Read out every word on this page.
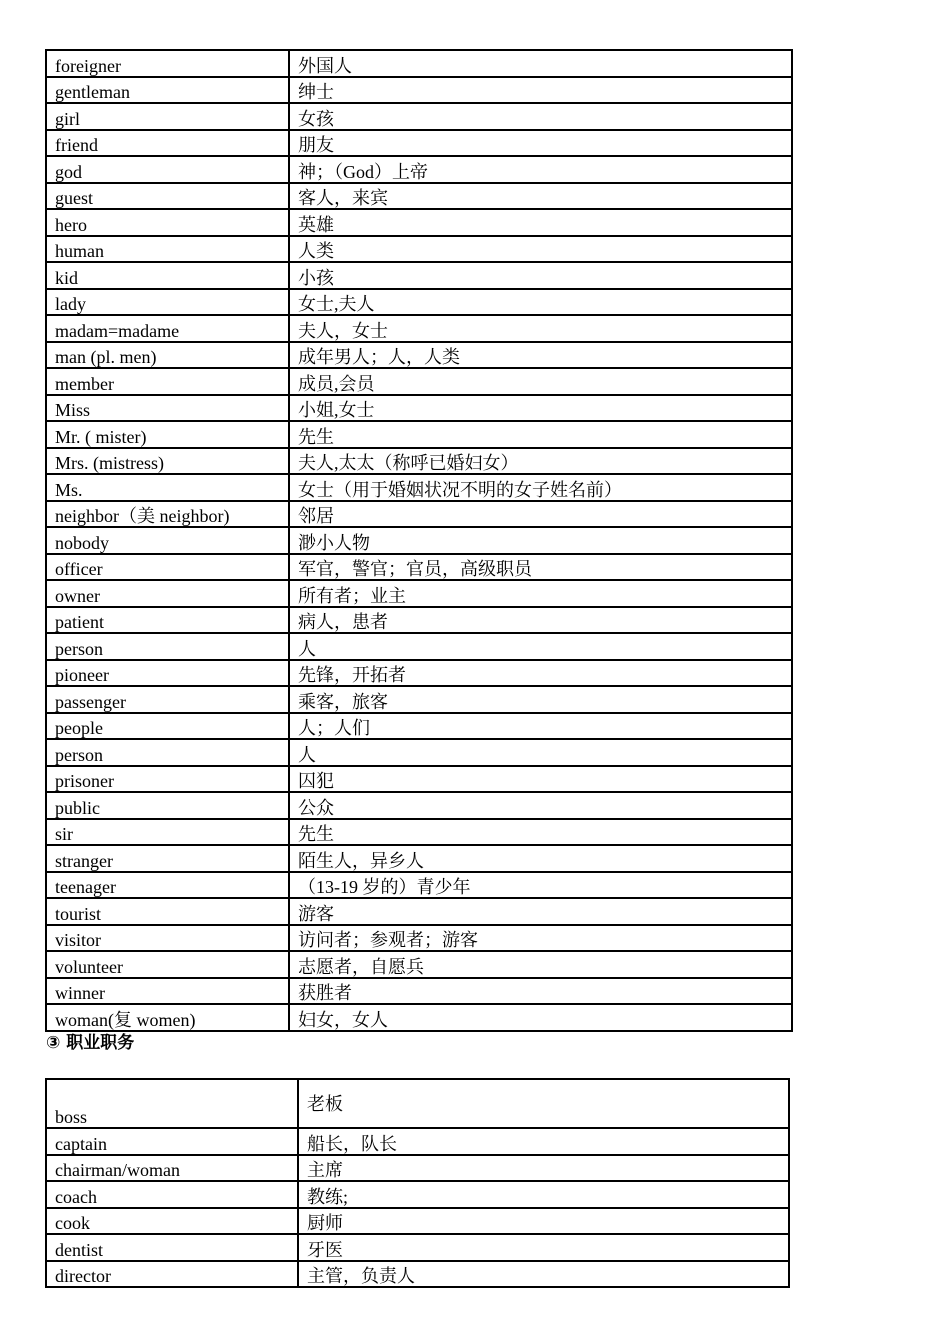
foreigner	外国人
gentleman	绅士
girl	女孩
friend	朋友
god	神；（God）上帝
guest	客人，来宾
hero	英雄
human	人类
kid	小孩
lady	女士,夫人
madam=madame	夫人，女士
man (pl. men)	成年男人；人，人类
member	成员,会员
Miss	小姐,女士
Mr. ( mister)	先生
Mrs. (mistress)	夫人,太太（称呼已婚妇女）
Ms.	女士（用于婚姻状况不明的女子姓名前）
neighbor（美 neighbor)	邻居
nobody	渺小人物
officer	军官，警官；官员，高级职员
owner	所有者；业主
patient	病人，患者
person	人
pioneer	先锋，开拓者
passenger	乘客，旅客
people	人；人们
person	人
prisoner	囚犯
public	公众
sir	先生
stranger	陌生人，异乡人
teenager	（13-19 岁的）青少年
tourist	游客
visitor	访问者；参观者；游客
volunteer	志愿者，自愿兵
winner	获胜者
woman(复 women)	妇女，女人
③ 职业职务
boss	老板
captain	船长，队长
chairman/woman	主席
coach	教练;
cook	厨师
dentist	牙医
director	主管，负责人
